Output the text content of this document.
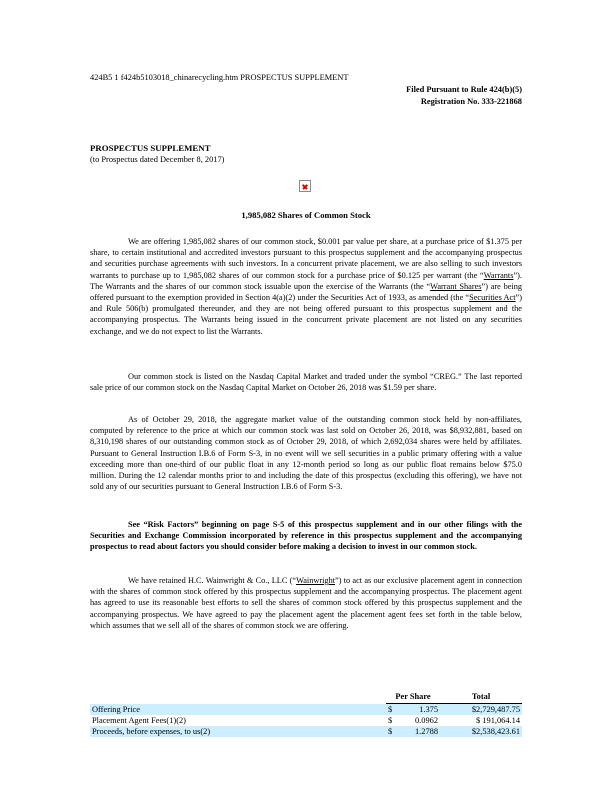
424B5 1 f424b5103018_chinarecycling.htm PROSPECTUS SUPPLEMENT
Filed Pursuant to Rule 424(b)(5)
Registration No. 333-221868
PROSPECTUS SUPPLEMENT
(to Prospectus dated December 8, 2017)
1,985,082 Shares of Common Stock
We are offering 1,985,082 shares of our common stock, $0.001 par value per share, at a purchase price of $1.375 per share, to certain institutional and accredited investors pursuant to this prospectus supplement and the accompanying prospectus and securities purchase agreements with such investors. In a concurrent private placement, we are also selling to such investors warrants to purchase up to 1,985,082 shares of our common stock for a purchase price of $0.125 per warrant (the “Warrants”). The Warrants and the shares of our common stock issuable upon the exercise of the Warrants (the “Warrant Shares”) are being offered pursuant to the exemption provided in Section 4(a)(2) under the Securities Act of 1933, as amended (the “Securities Act”) and Rule 506(b) promulgated thereunder, and they are not being offered pursuant to this prospectus supplement and the accompanying prospectus. The Warrants being issued in the concurrent private placement are not listed on any securities exchange, and we do not expect to list the Warrants.
Our common stock is listed on the Nasdaq Capital Market and traded under the symbol “CREG.” The last reported sale price of our common stock on the Nasdaq Capital Market on October 26, 2018 was $1.59 per share.
As of October 29, 2018, the aggregate market value of the outstanding common stock held by non-affiliates, computed by reference to the price at which our common stock was last sold on October 26, 2018, was $8,932,881, based on 8,310,198 shares of our outstanding common stock as of October 29, 2018, of which 2,692,034 shares were held by affiliates. Pursuant to General Instruction I.B.6 of Form S-3, in no event will we sell securities in a public primary offering with a value exceeding more than one-third of our public float in any 12-month period so long as our public float remains below $75.0 million. During the 12 calendar months prior to and including the date of this prospectus (excluding this offering), we have not sold any of our securities pursuant to General Instruction I.B.6 of Form S-3.
See “Risk Factors” beginning on page S-5 of this prospectus supplement and in our other filings with the Securities and Exchange Commission incorporated by reference in this prospectus supplement and the accompanying prospectus to read about factors you should consider before making a decision to invest in our common stock.
We have retained H.C. Wainwright & Co., LLC (“Wainwright”) to act as our exclusive placement agent in connection with the shares of common stock offered by this prospectus supplement and the accompanying prospectus. The placement agent has agreed to use its reasonable best efforts to sell the shares of common stock offered by this prospectus supplement and the accompanying prospectus. We have agreed to pay the placement agent the placement agent fees set forth in the table below, which assumes that we sell all of the shares of common stock we are offering.
	Per Share		Total
Offering Price	$	1.375	$2,729,487.75
Placement Agent Fees(1)(2)	$	0.0962	$ 191,064.14
Proceeds, before expenses, to us(2)	$	1.2788	$2,538,423.61
